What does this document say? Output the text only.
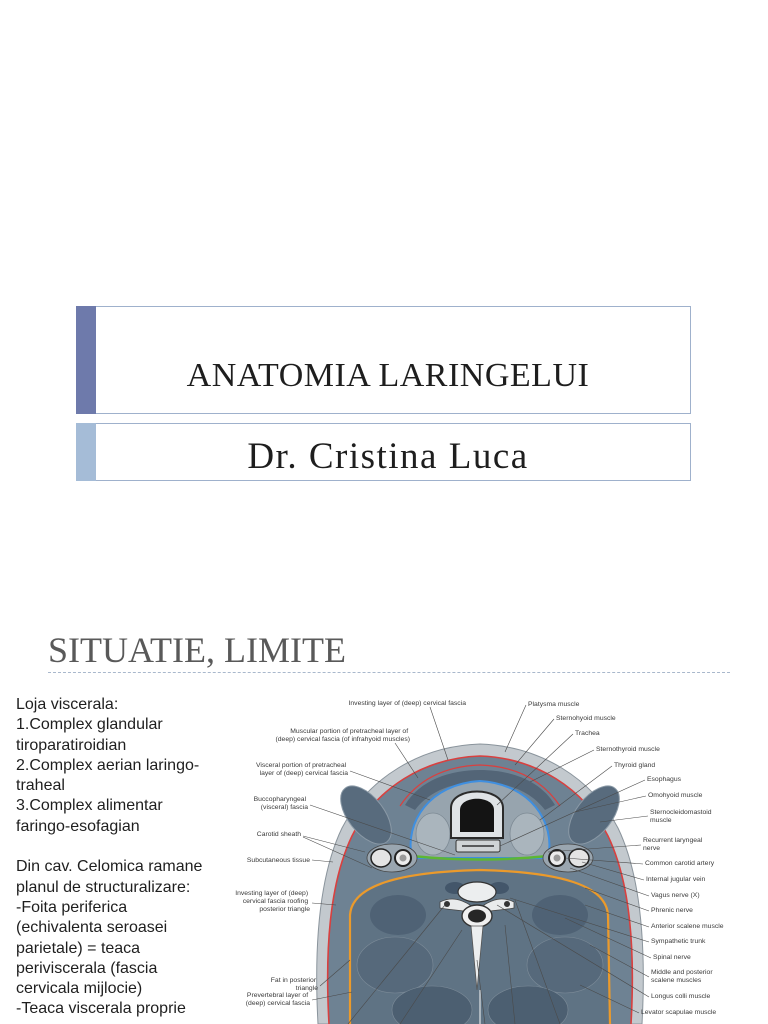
ANATOMIA LARINGELUI
Dr. Cristina Luca
SITUATIE, LIMITE
Loja viscerala:
1.Complex glandular
tiroparatiroidian
2.Complex aerian laringo-
traheal
3.Complex alimentar
faringo-esofagian
Din cav. Celomica ramane
planul de structuralizare:
-Foita periferica
(echivalenta seroasei
parietale) = teaca
periviscerala (fascia
cervicala mijlocie)
-Teaca viscerala proprie
Investing layer of (deep) cervical fascia
Muscular portion of pretracheal layer of (deep) cervical fascia (of infrahyoid muscles)
Visceral portion of pretracheal layer of (deep) cervical fascia
Buccopharyngeal (visceral) fascia
Carotid sheath
Subcutaneous tissue
Investing layer of (deep) cervical fascia roofing posterior triangle
Fat in posterior triangle
Prevertebral layer of (deep) cervical fascia
Platysma muscle
Sternohyoid muscle
Trachea
Sternothyroid muscle
Thyroid gland
Esophagus
Omohyoid muscle
Sternocleidomastoid muscle
Recurrent laryngeal nerve
Common carotid artery
Internal jugular vein
Vagus nerve (X)
Phrenic nerve
Anterior scalene muscle
Sympathetic trunk
Spinal nerve
Middle and posterior scalene muscles
Longus colli muscle
Levator scapulae muscle
